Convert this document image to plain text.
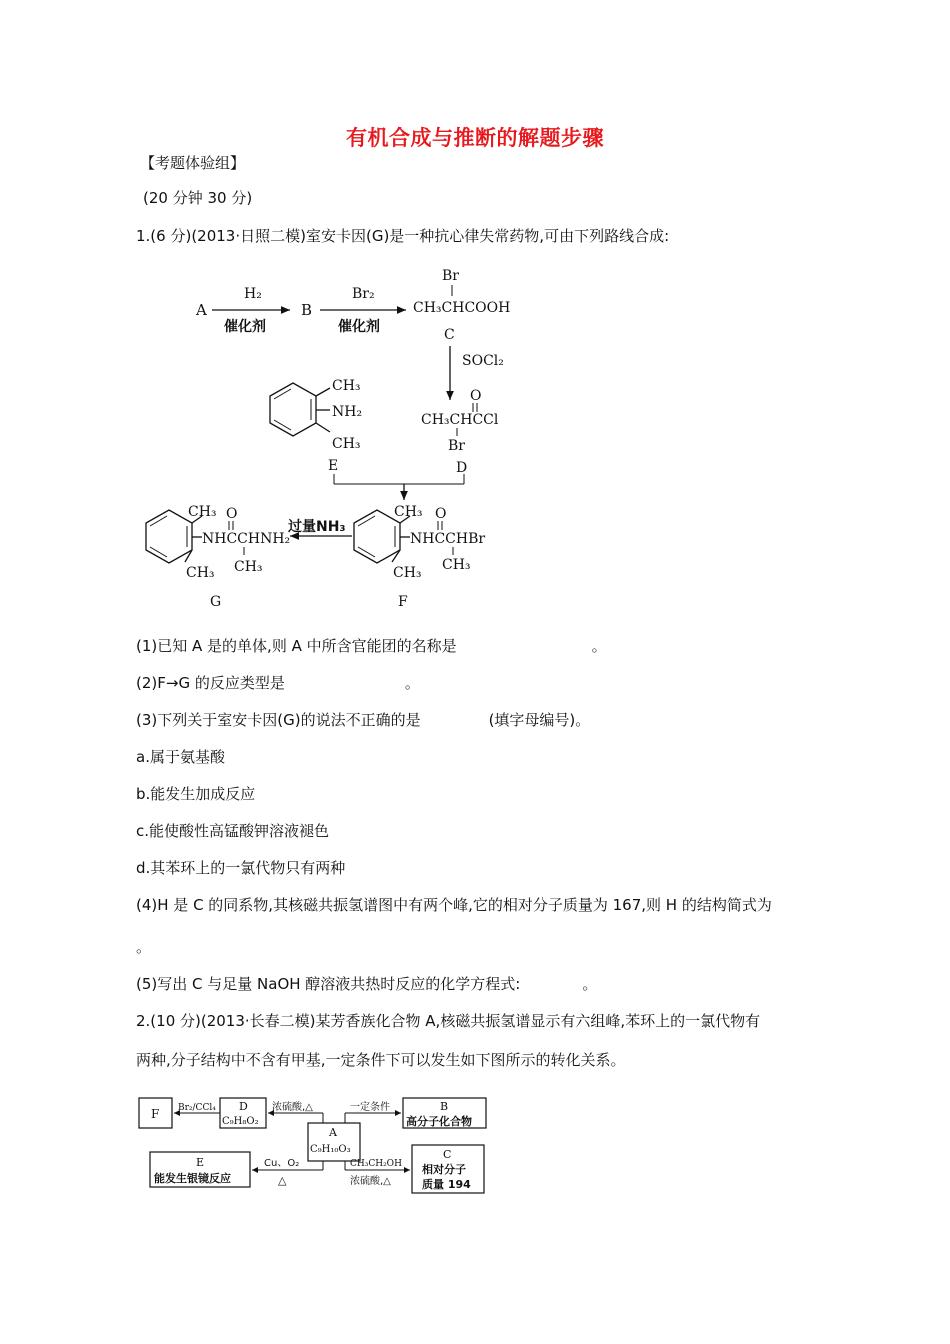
有机合成与推断的解题步骤
【考题体验组】
(20 分钟 30 分)
1.(6 分)(2013·日照二模)室安卡因(G)是一种抗心律失常药物,可由下列路线合成:
A
H₂
催化剂
B
Br₂
催化剂
Br
CH₃CHCOOH
C
SOCl₂
O
CH₃CHCCl
Br
D
CH₃
NH₂
CH₃
E
CH₃
NHCCHBr
O
CH₃
CH₃
F
过量NH₃
CH₃
NHCCHNH₂
O
CH₃
CH₃
G
(1)已知 A 是的单体,则 A 中所含官能团的名称是	。
(2)F→G 的反应类型是	。
(3)下列关于室安卡因(G)的说法不正确的是	(填字母编号)。
a.属于氨基酸
b.能发生加成反应
c.能使酸性高锰酸钾溶液褪色
d.其苯环上的一氯代物只有两种
(4)H 是 C 的同系物,其核磁共振氢谱图中有两个峰,它的相对分子质量为 167,则 H 的结构简式为
。
(5)写出 C 与足量 NaOH 醇溶液共热时反应的化学方程式:	。
2.(10 分)(2013·长春二模)某芳香族化合物 A,核磁共振氢谱显示有六组峰,苯环上的一氯代物有
两种,分子结构中不含有甲基,一定条件下可以发生如下图所示的转化关系。
F
D
C₉H₈O₂
Br₂/CCl₄	B
高分子化合物
A
C₉H₁₀O₃
浓硫酸,△	一定条件
E
能发生银镜反应
Cu、O₂
△
C
相对分子
质量 194
CH₃CH₂OH
浓硫酸,△
